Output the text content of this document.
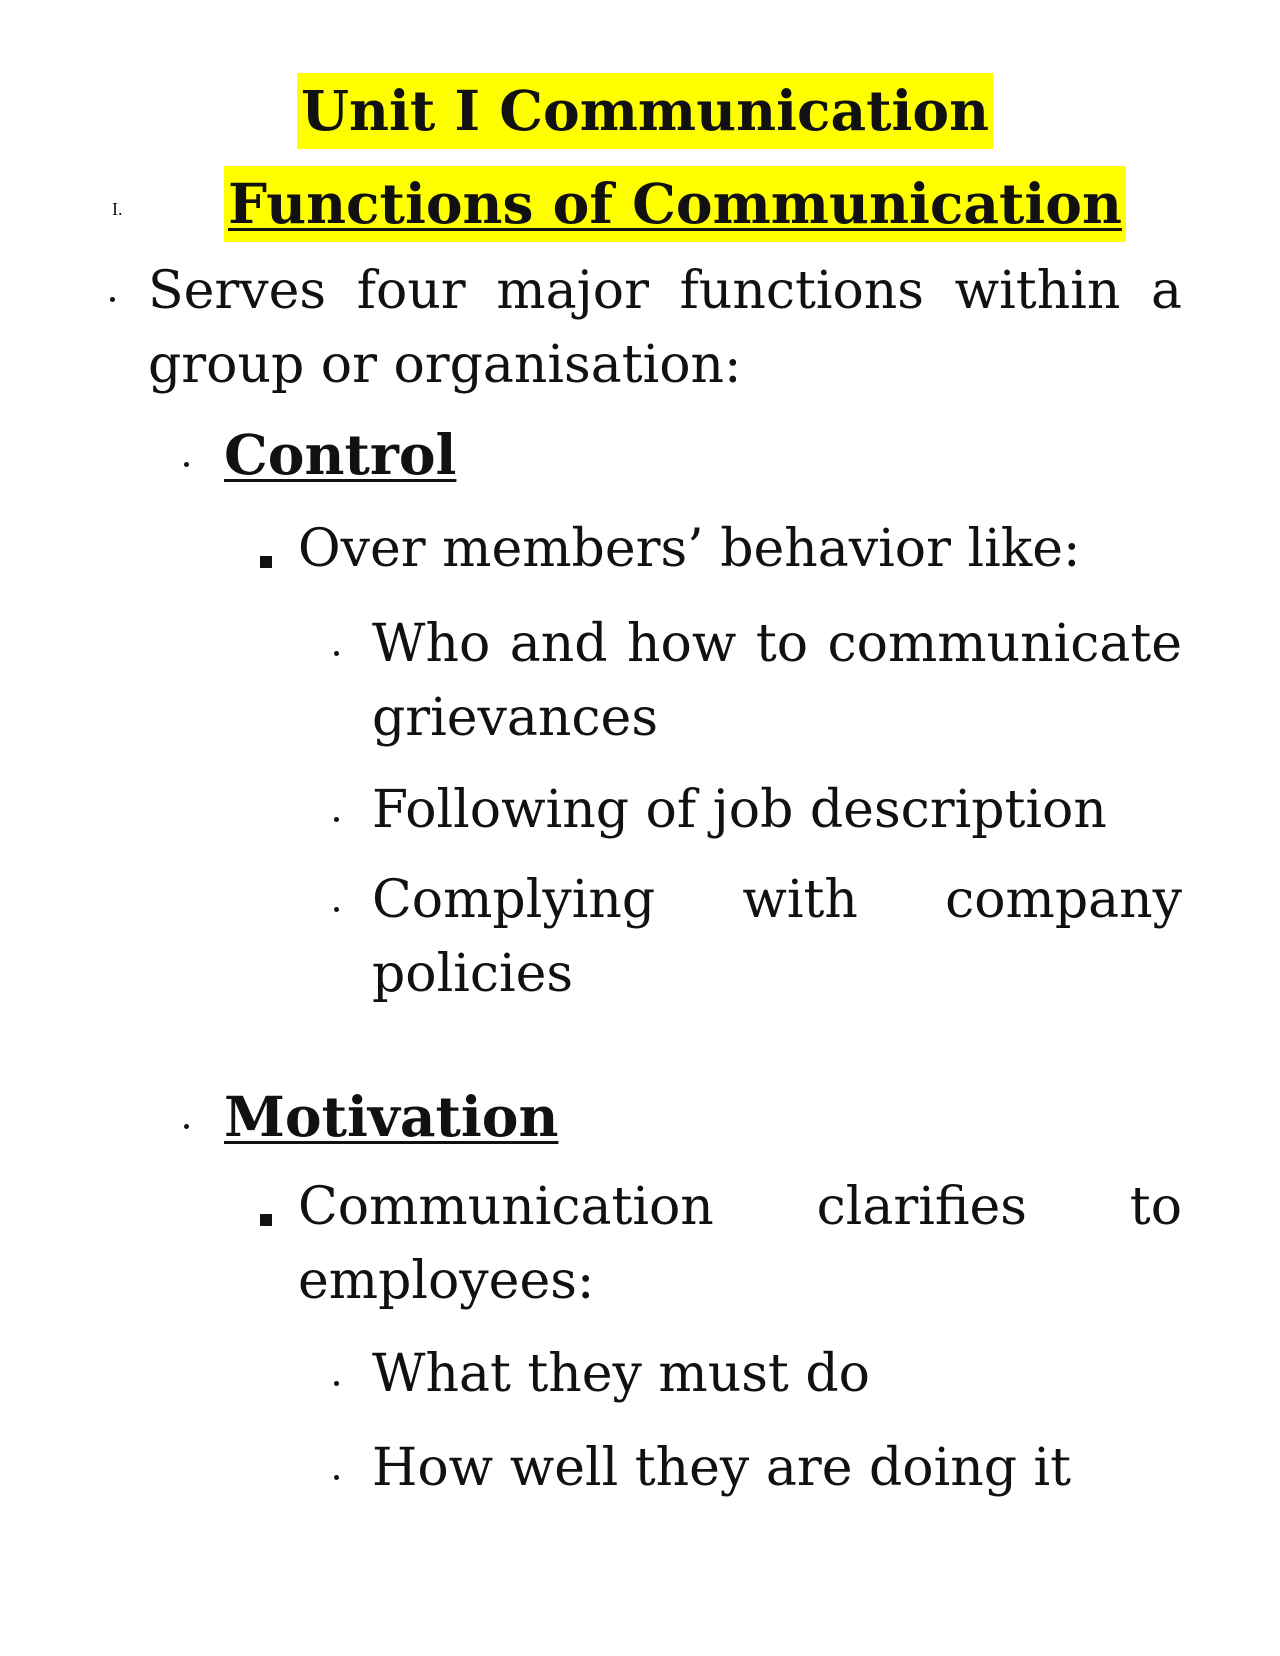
Unit I Communication
I. Functions of Communication
Serves four major functions within a group or organisation:
Control
Over members’ behavior like:
Who and how to communicate grievances
Following of job description
Complying with company policies
Motivation
Communication clarifies to employees:
What they must do
How well they are doing it
